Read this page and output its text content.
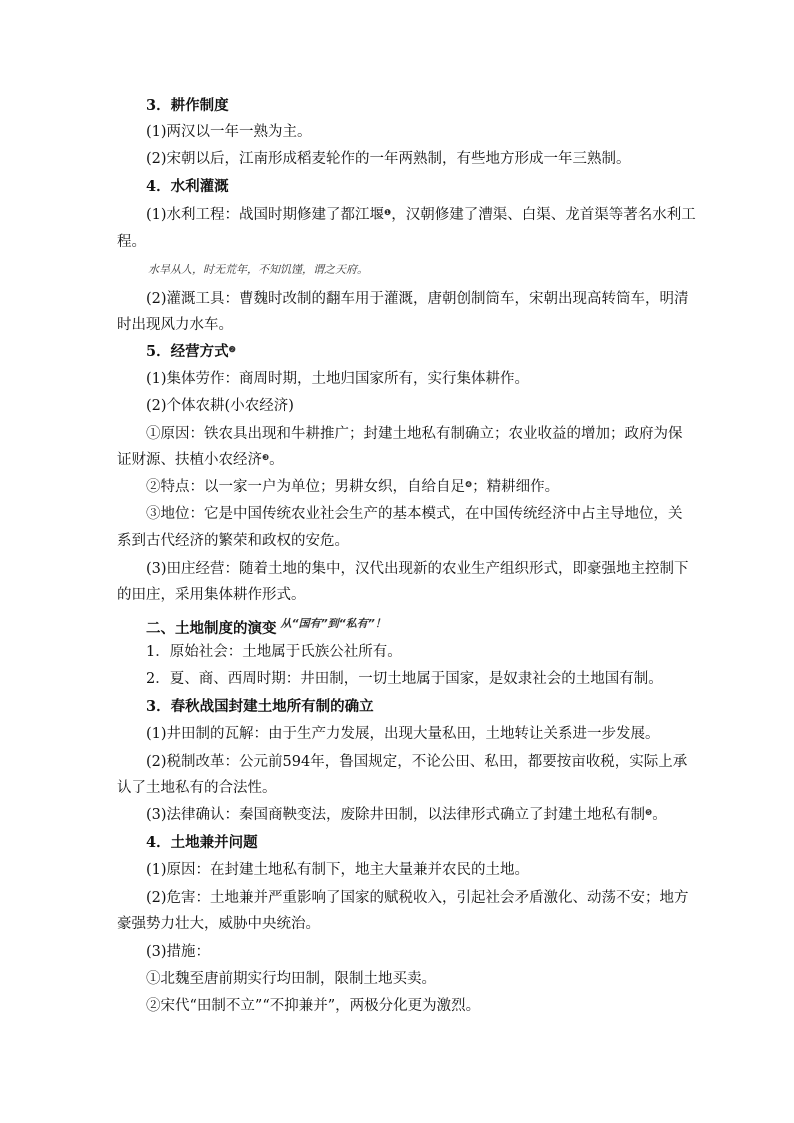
3．耕作制度
(1)两汉以一年一熟为主。
(2)宋朝以后，江南形成稻麦轮作的一年两熟制，有些地方形成一年三熟制。
4．水利灌溉
(1)水利工程：战国时期修建了都江堰❶，汉朝修建了漕渠、白渠、龙首渠等著名水利工
程。
水旱从人，时无荒年，不知饥馑，谓之天府。
(2)灌溉工具：曹魏时改制的翻车用于灌溉，唐朝创制筒车，宋朝出现高转筒车，明清
时出现风力水车。
5．经营方式❷
(1)集体劳作：商周时期，土地归国家所有，实行集体耕作。
(2)个体农耕(小农经济)
①原因：铁农具出现和牛耕推广；封建土地私有制确立；农业收益的增加；政府为保
证财源、扶植小农经济❸。
②特点：以一家一户为单位；男耕女织，自给自足❹；精耕细作。
③地位：它是中国传统农业社会生产的基本模式，在中国传统经济中占主导地位，关
系到古代经济的繁荣和政权的安危。
(3)田庄经营：随着土地的集中，汉代出现新的农业生产组织形式，即豪强地主控制下
的田庄，采用集体耕作形式。
二、土地制度的演变 $^{从“国有”到“私有”!}$
1．原始社会：土地属于氏族公社所有。
2．夏、商、西周时期：井田制，一切土地属于国家，是奴隶社会的土地国有制。
3．春秋战国封建土地所有制的确立
(1)井田制的瓦解：由于生产力发展，出现大量私田，土地转让关系进一步发展。
(2)税制改革：公元前594年，鲁国规定，不论公田、私田，都要按亩收税，实际上承
认了土地私有的合法性。
(3)法律确认：秦国商鞅变法，废除井田制，以法律形式确立了封建土地私有制❺。
4．土地兼并问题
(1)原因：在封建土地私有制下，地主大量兼并农民的土地。
(2)危害：土地兼并严重影响了国家的赋税收入，引起社会矛盾激化、动荡不安；地方
豪强势力壮大，威胁中央统治。
(3)措施：
①北魏至唐前期实行均田制，限制土地买卖。
②宋代“田制不立”“不抑兼并”，两极分化更为激烈。
